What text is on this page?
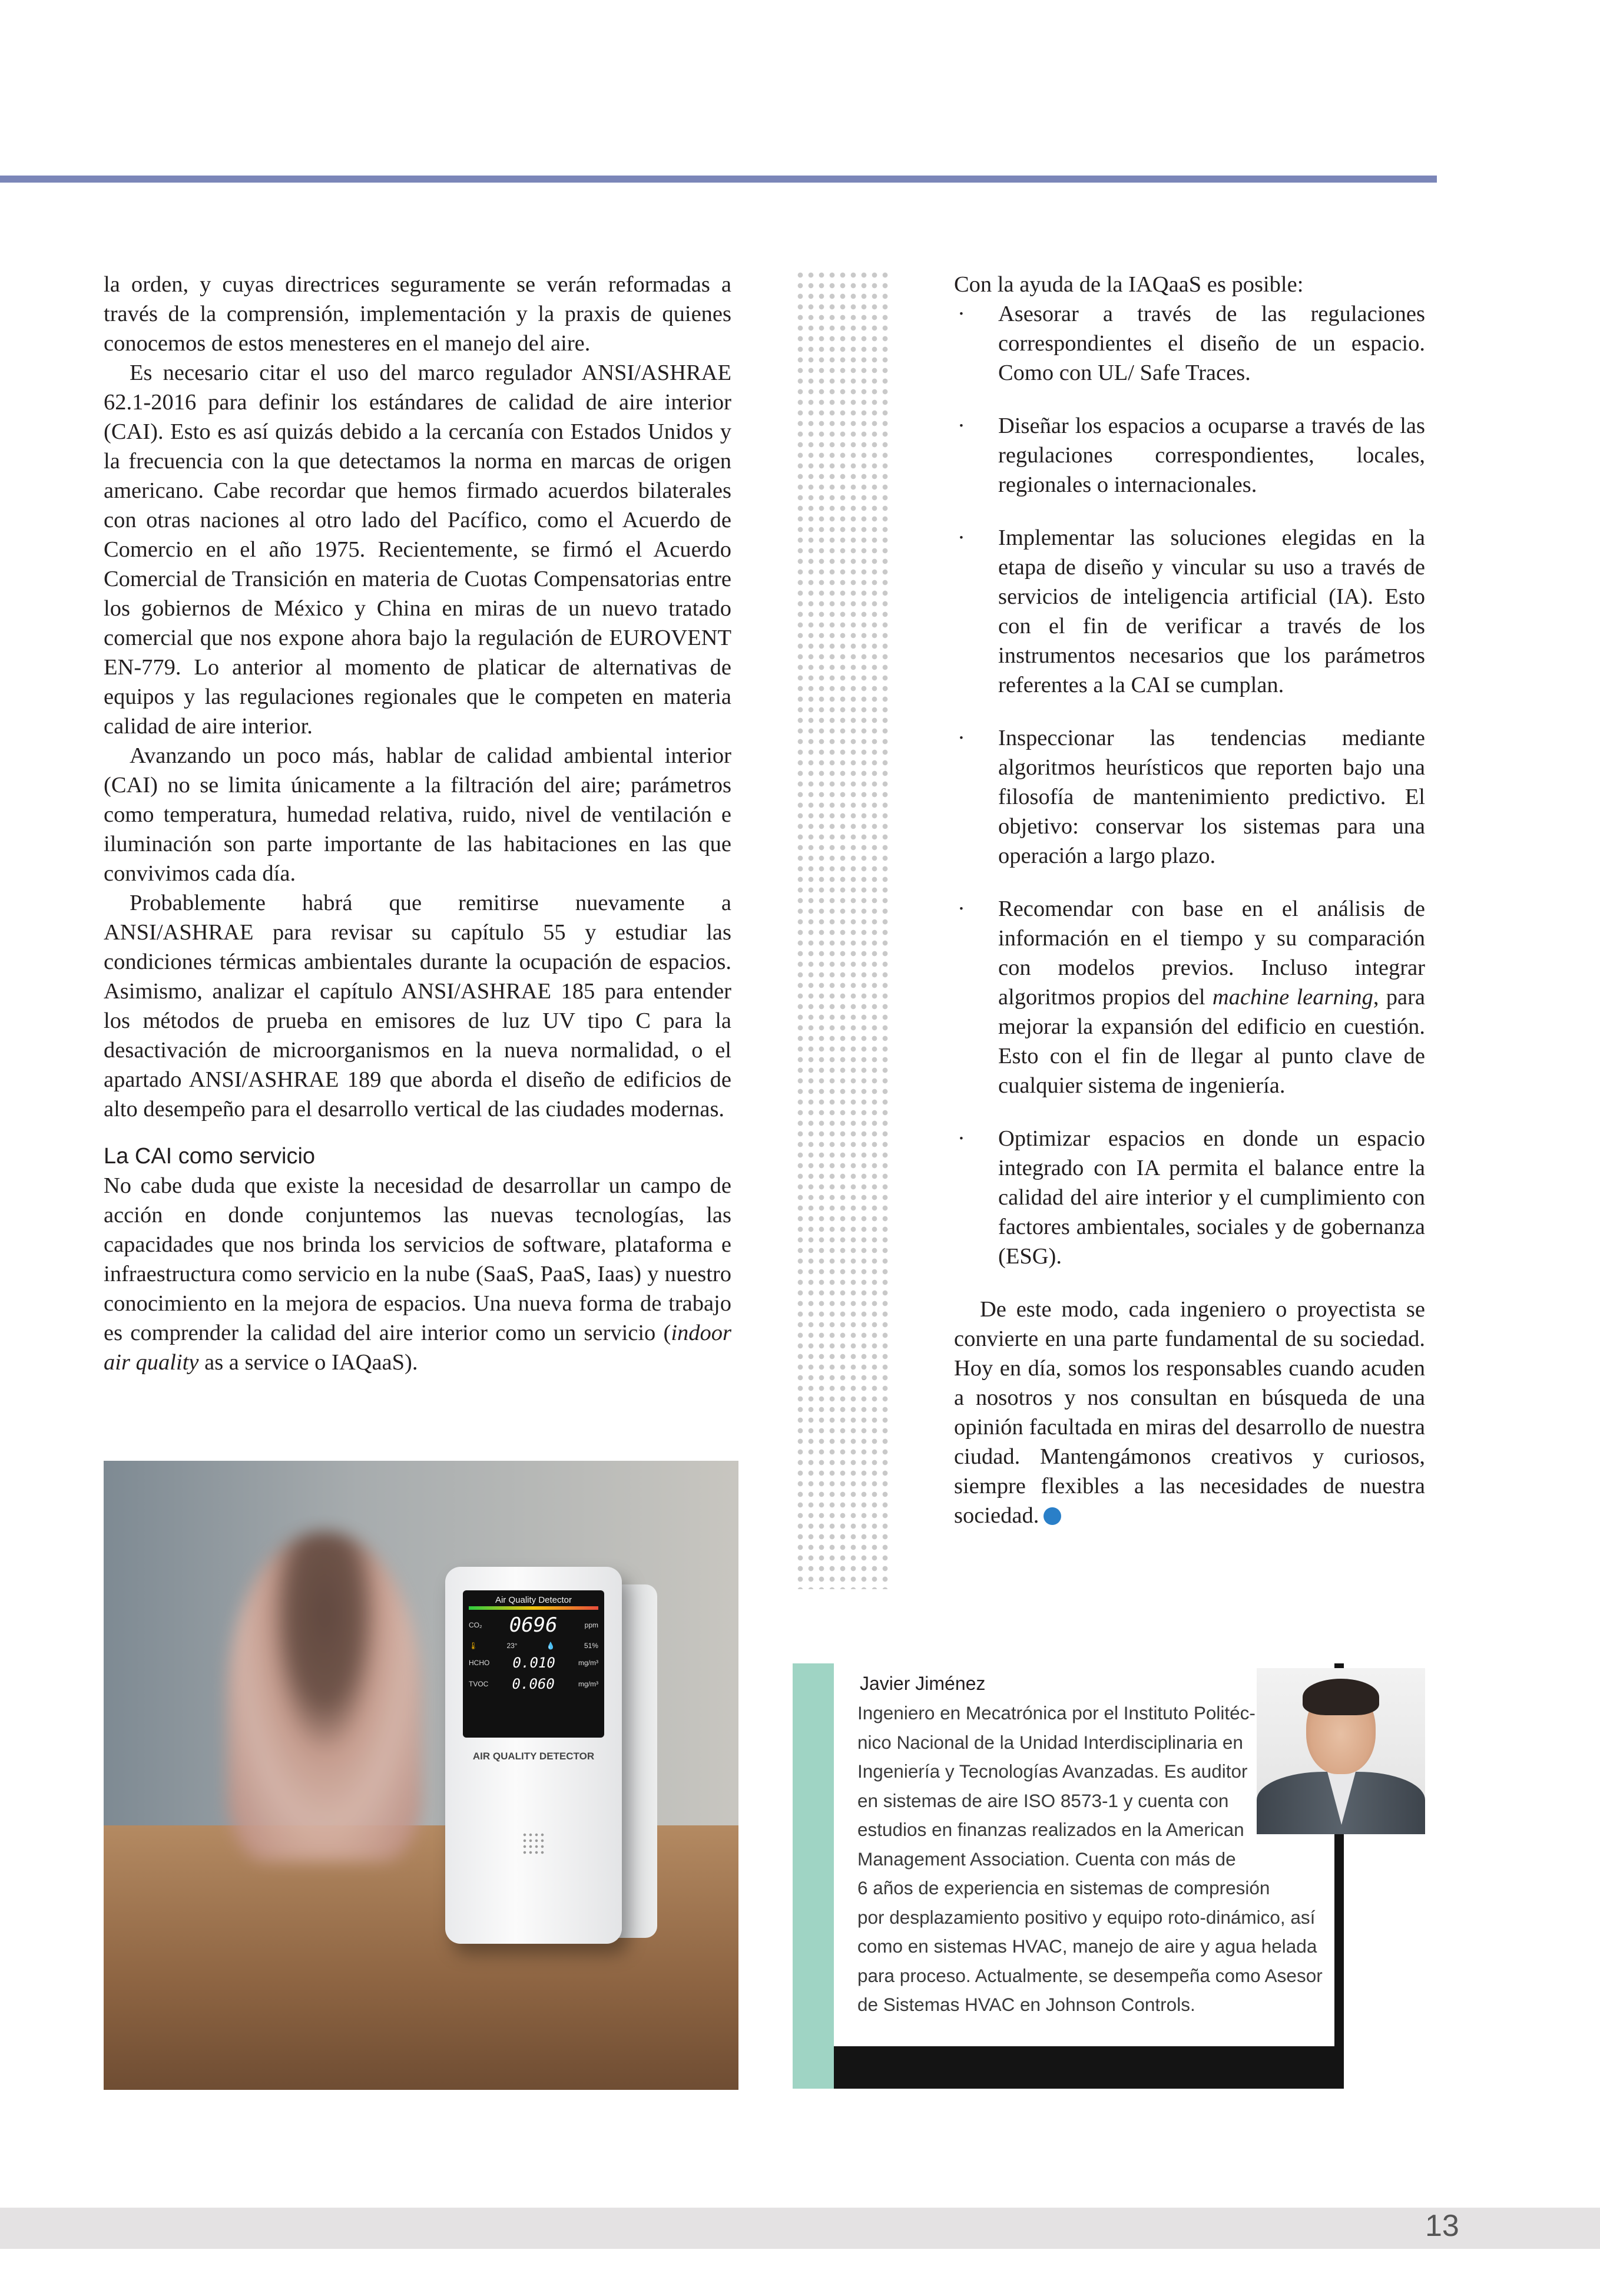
la orden, y cuyas directrices seguramente se verán reformadas a través de la comprensión, implementación y la praxis de quienes conocemos de estos menesteres en el manejo del aire.

Es necesario citar el uso del marco regulador ANSI/ASHRAE 62.1-2016 para definir los estándares de calidad de aire interior (CAI). Esto es así quizás debido a la cercanía con Estados Unidos y la frecuencia con la que detectamos la norma en marcas de origen americano. Cabe recordar que hemos firmado acuerdos bilaterales con otras naciones al otro lado del Pacífico, como el Acuerdo de Comercio en el año 1975. Recientemente, se firmó el Acuerdo Comercial de Transición en materia de Cuotas Compensatorias entre los gobiernos de México y China en miras de un nuevo tratado comercial que nos expone ahora bajo la regulación de EUROVENT EN-779. Lo anterior al momento de platicar de alternativas de equipos y las regulaciones regionales que le competen en materia calidad de aire interior.

Avanzando un poco más, hablar de calidad ambiental interior (CAI) no se limita únicamente a la filtración del aire; parámetros como temperatura, humedad relativa, ruido, nivel de ventilación e iluminación son parte importante de las habitaciones en las que convivimos cada día.

Probablemente habrá que remitirse nuevamente a ANSI/ASHRAE para revisar su capítulo 55 y estudiar las condiciones térmicas ambientales durante la ocupación de espacios. Asimismo, analizar el capítulo ANSI/ASHRAE 185 para entender los métodos de prueba en emisores de luz UV tipo C para la desactivación de microorganismos en la nueva normalidad, o el apartado ANSI/ASHRAE 189 que aborda el diseño de edificios de alto desempeño para el desarrollo vertical de las ciudades modernas.

La CAI como servicio

No cabe duda que existe la necesidad de desarrollar un campo de acción en donde conjuntemos las nuevas tecnologías, las capacidades que nos brinda los servicios de software, plataforma e infraestructura como servicio en la nube (SaaS, PaaS, Iaas) y nuestro conocimiento en la mejora de espacios. Una nueva forma de trabajo es comprender la calidad del aire interior como un servicio (indoor air quality as a service o IAQaaS).

Con la ayuda de la IAQaaS es posible:

· Asesorar a través de las regulaciones correspondientes el diseño de un espacio. Como con UL/ Safe Traces.
· Diseñar los espacios a ocuparse a través de las regulaciones correspondientes, locales, regionales o internacionales.
· Implementar las soluciones elegidas en la etapa de diseño y vincular su uso a través de servicios de inteligencia artificial (IA). Esto con el fin de verificar a través de los instrumentos necesarios que los parámetros referentes a la CAI se cumplan.
· Inspeccionar las tendencias mediante algoritmos heurísticos que reporten bajo una filosofía de mantenimiento predictivo. El objetivo: conservar los sistemas para una operación a largo plazo.
· Recomendar con base en el análisis de información en el tiempo y su comparación con modelos previos. Incluso integrar algoritmos propios del machine learning, para mejorar la expansión del edificio en cuestión. Esto con el fin de llegar al punto clave de cualquier sistema de ingeniería.
· Optimizar espacios en donde un espacio integrado con IA permita el balance entre la calidad del aire interior y el cumplimiento con factores ambientales, sociales y de gobernanza (ESG).

De este modo, cada ingeniero o proyectista se convierte en una parte fundamental de su sociedad. Hoy en día, somos los responsables cuando acuden a nosotros y nos consultan en búsqueda de una opinión facultada en miras del desarrollo de nuestra ciudad. Mantengámonos creativos y curiosos, siempre flexibles a las necesidades de nuestra sociedad.

Air Quality Detector
CO₂ 0696	ppm
🌡	23°	💧	51%
HCHO 0.010	mg/m³
TVOC 0.060	mg/m³
AIR QUALITY DETECTOR
Javier Jiménez
Ingeniero en Mecatrónica por el Instituto Politéc-
nico Nacional de la Unidad Interdisciplinaria en
Ingeniería y Tecnologías Avanzadas. Es auditor
en sistemas de aire ISO 8573-1 y cuenta con
estudios en finanzas realizados en la American
Management Association. Cuenta con más de
6 años de experiencia en sistemas de compresión
por desplazamiento positivo y equipo roto-dinámico, así
como en sistemas HVAC, manejo de aire y agua helada
para proceso. Actualmente, se desempeña como Asesor
de Sistemas HVAC en Johnson Controls.
13
